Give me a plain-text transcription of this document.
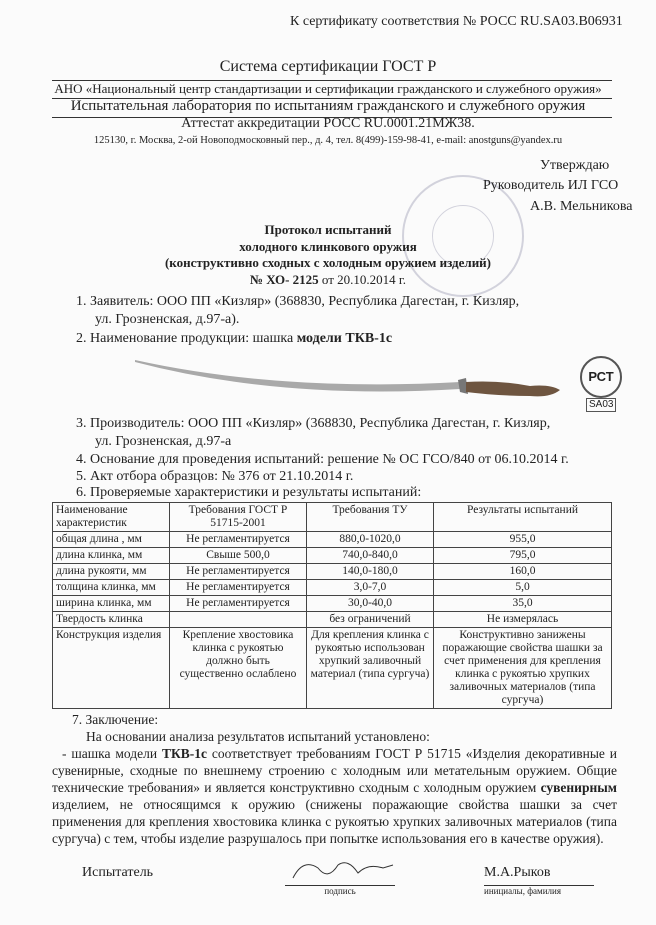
К сертификату соответствия № РОСС RU.SA03.B06931
Система сертификации ГОСТ Р
АНО «Национальный центр стандартизации и сертификации гражданского и служебного оружия»
Испытательная лаборатория по испытаниям гражданского и служебного оружия
Аттестат аккредитации РОСС RU.0001.21МЖ38.
125130, г. Москва, 2-ой Новоподмосковный пер., д. 4, тел. 8(499)-159-98-41, e-mail: anostguns@yandex.ru
Утверждаю
Руководитель ИЛ ГСО
А.В. Мельникова
Протокол испытаний
холодного клинкового оружия
(конструктивно сходных с холодным оружием изделий)
№ ХО- 2125 от 20.10.2014 г.
1. Заявитель: ООО ПП «Кизляр» (368830, Республика Дагестан, г. Кизляр,
ул. Грозненская, д.97-а).
2. Наименование продукции: шашка модели ТКВ-1с
РСТ
SA03
3. Производитель: ООО ПП «Кизляр» (368830, Республика Дагестан, г. Кизляр,
ул. Грозненская, д.97-а
4. Основание для проведения испытаний: решение № ОС ГСО/840 от 06.10.2014 г.
5. Акт отбора образцов: № 376 от 21.10.2014 г.
6. Проверяемые характеристики и результаты испытаний:
Наименование характеристик	Требования ГОСТ Р 51715-2001	Требования ТУ	Результаты испытаний
общая длина , мм	Не регламентируется	880,0-1020,0	955,0
длина клинка, мм	Свыше 500,0	740,0-840,0	795,0
длина рукояти, мм	Не регламентируется	140,0-180,0	160,0
толщина клинка, мм	Не регламентируется	3,0-7,0	5,0
ширина клинка, мм	Не регламентируется	30,0-40,0	35,0
Твердость клинка		без ограничений	Не измерялась
Конструкция изделия	Крепление хвостовика клинка с рукоятью должно быть существенно ослаблено	Для крепления клинка с рукоятью использован хрупкий заливочный материал (типа сургуча)	Конструктивно занижены поражающие свойства шашки за счет применения для крепления клинка с рукоятью хрупких заливочных материалов (типа сургуча)
7. Заключение:
На основании анализа результатов испытаний установлено:
- шашка модели ТКВ-1с соответствует требованиям ГОСТ Р 51715 «Изделия декоративные и сувенирные, сходные по внешнему строению с холодным или метательным оружием. Общие технические требования» и является конструктивно сходным с холодным оружием сувенирным изделием, не относящимся к оружию (снижены поражающие свойства шашки за счет применения для крепления хвостовика клинка с рукоятью хрупких заливочных материалов (типа сургуча) с тем, чтобы изделие разрушалось при попытке использования его в качестве оружия).
Испытатель
подпись
М.А.Рыков
инициалы, фамилия
